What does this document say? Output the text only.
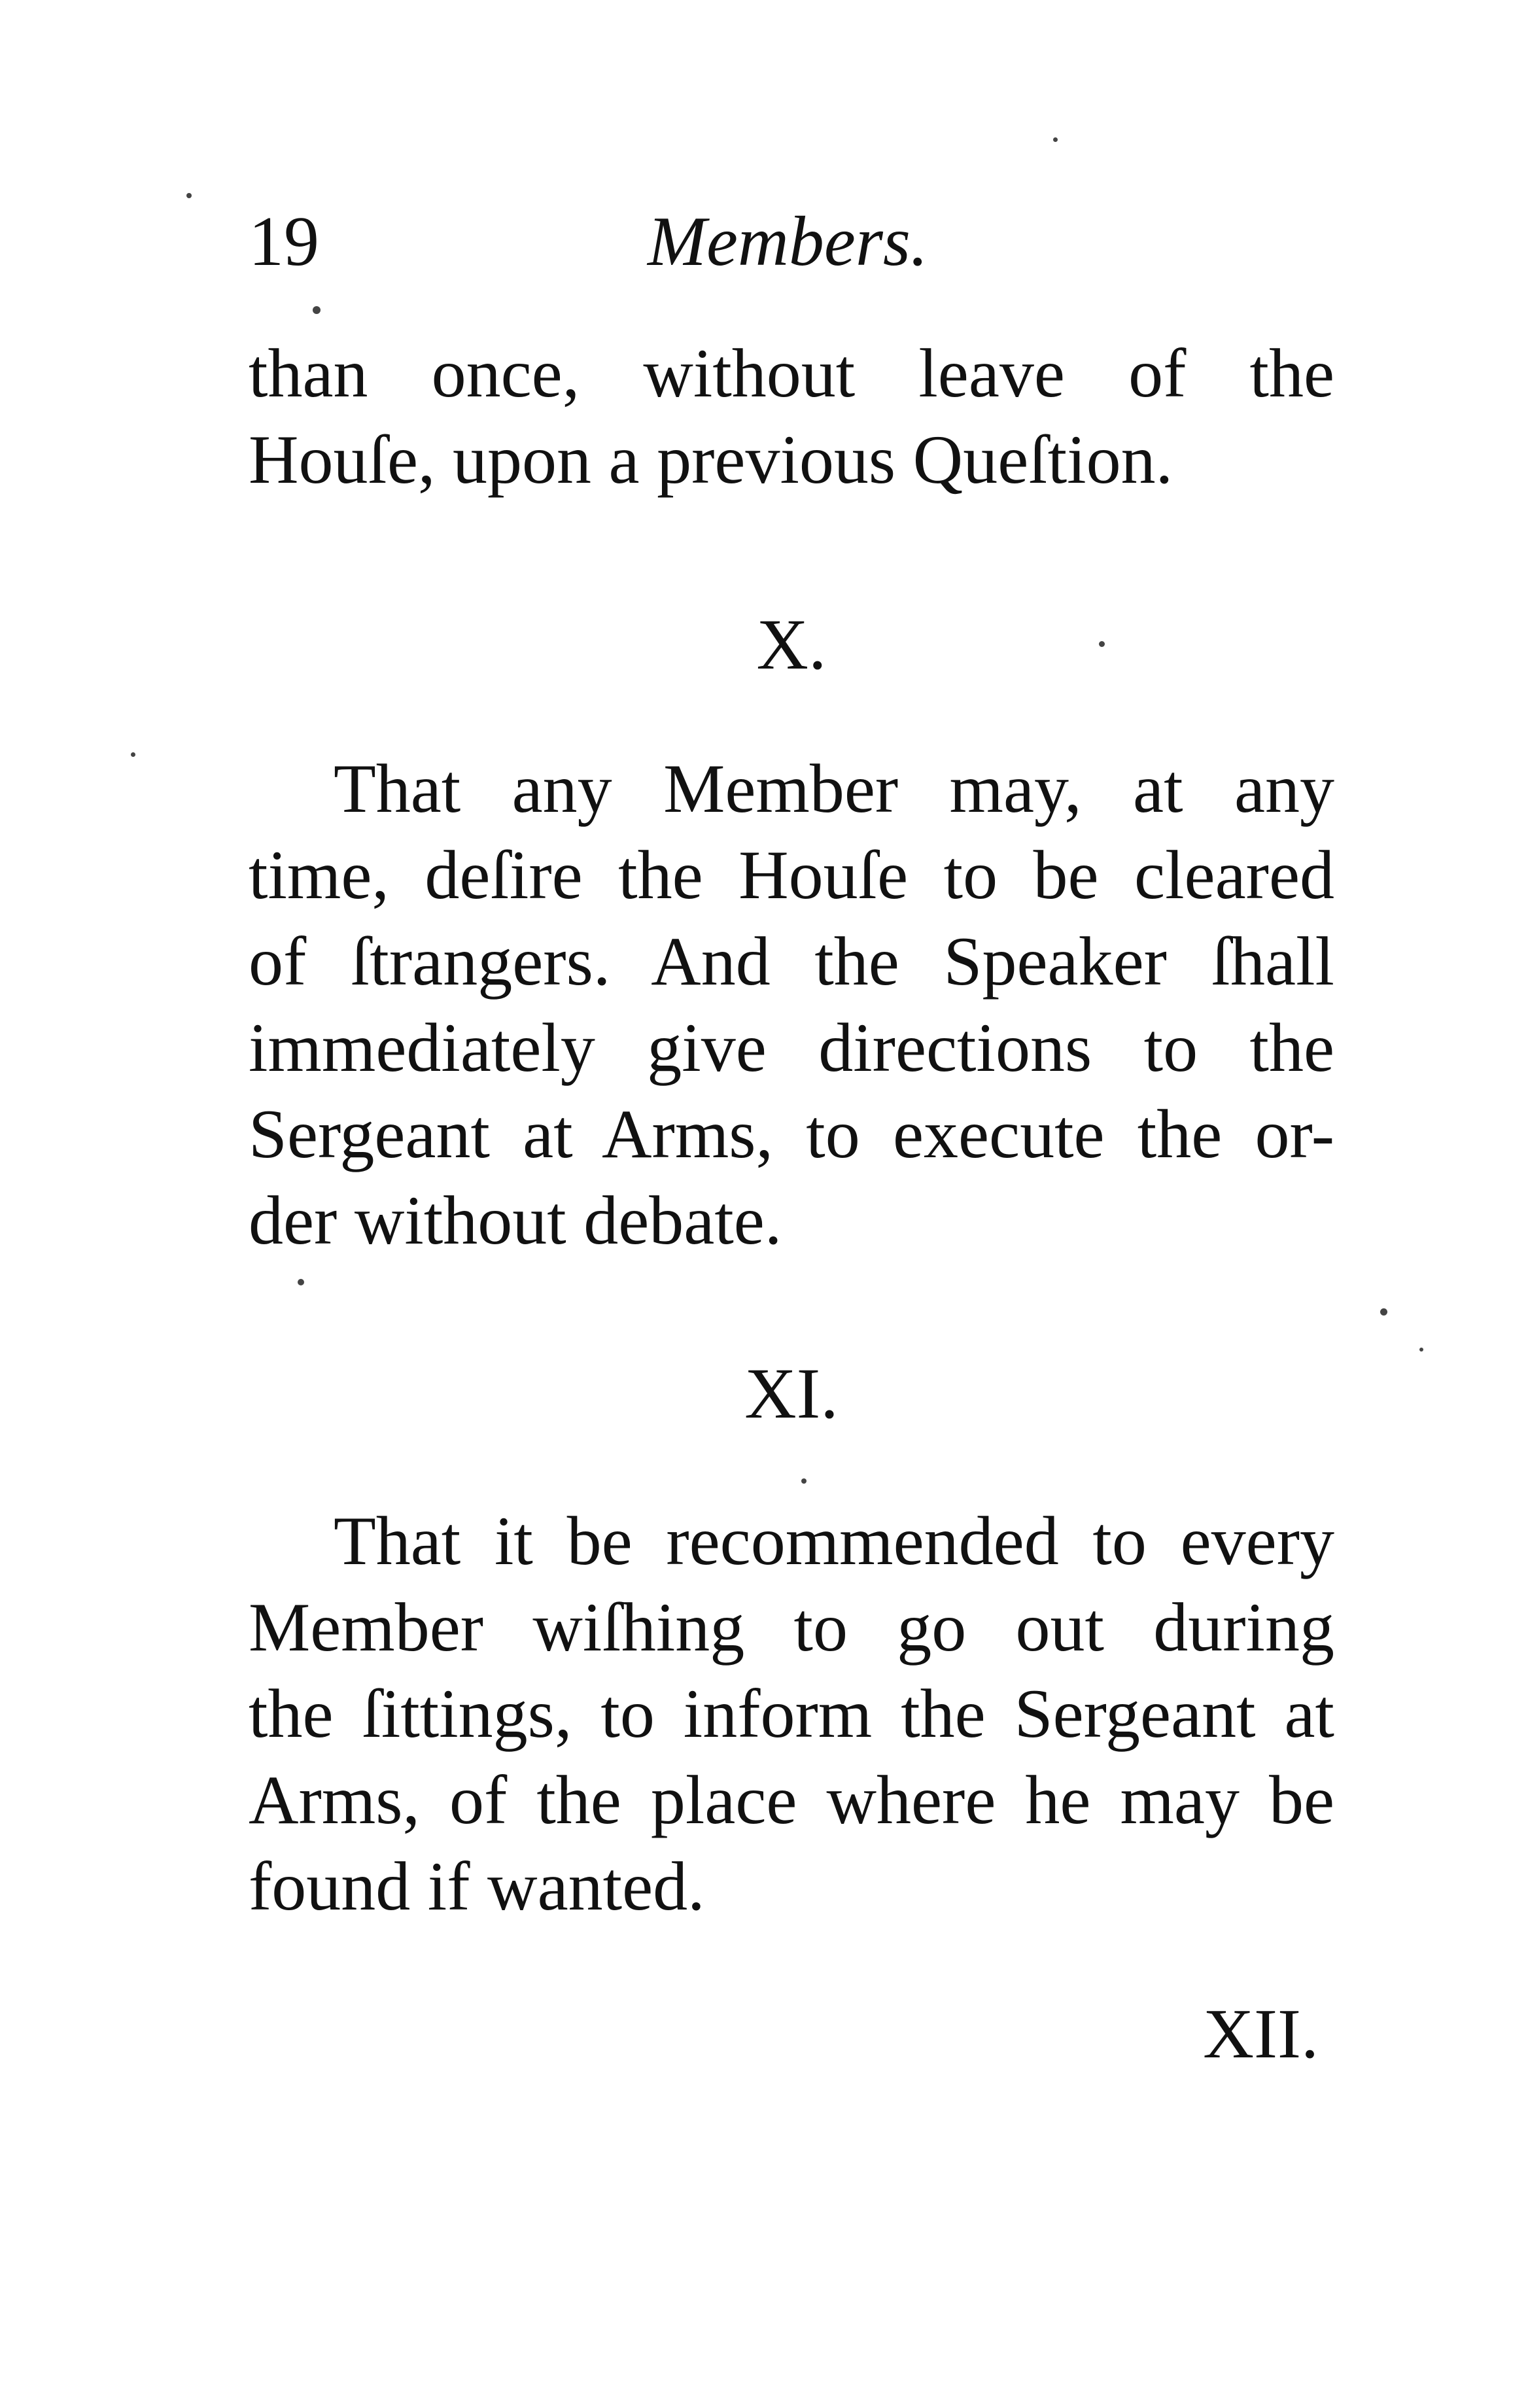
19	Members.
than once, without leave of the
Houſe, upon a previous Queſtion.
X.
That any Member may, at any
time, deſire the Houſe to be cleared
of ſtrangers. And the Speaker ſhall
immediately give directions to the
Sergeant at Arms, to execute the or-
der without debate.
XI.
That it be recommended to every
Member wiſhing to go out during
the ſittings, to inform the Sergeant at
Arms, of the place where he may be
found if wanted.
XII.
